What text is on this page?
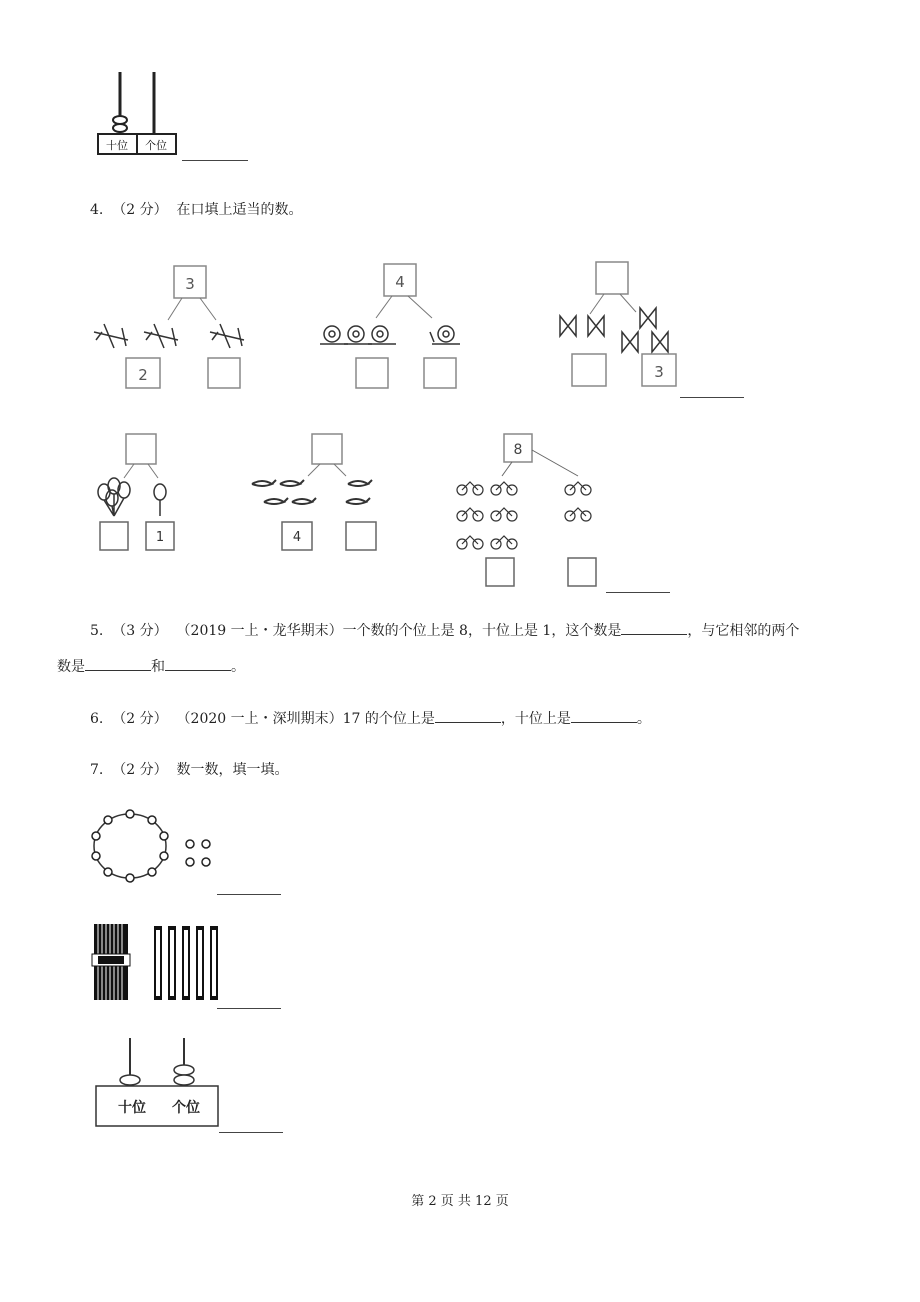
十位 个位
4. （2 分） 在口填上适当的数。
3
2
4
3
1	4
8
5. （3 分） （2019 一上・龙华期末）一个数的个位上是 8，十位上是 1，这个数是	，与它相邻的两个
数是	和	。
6. （2 分） （2020 一上・深圳期末）17 的个位上是	，十位上是	。
7. （2 分） 数一数，填一填。
十位 个位
第 2 页 共 12 页
